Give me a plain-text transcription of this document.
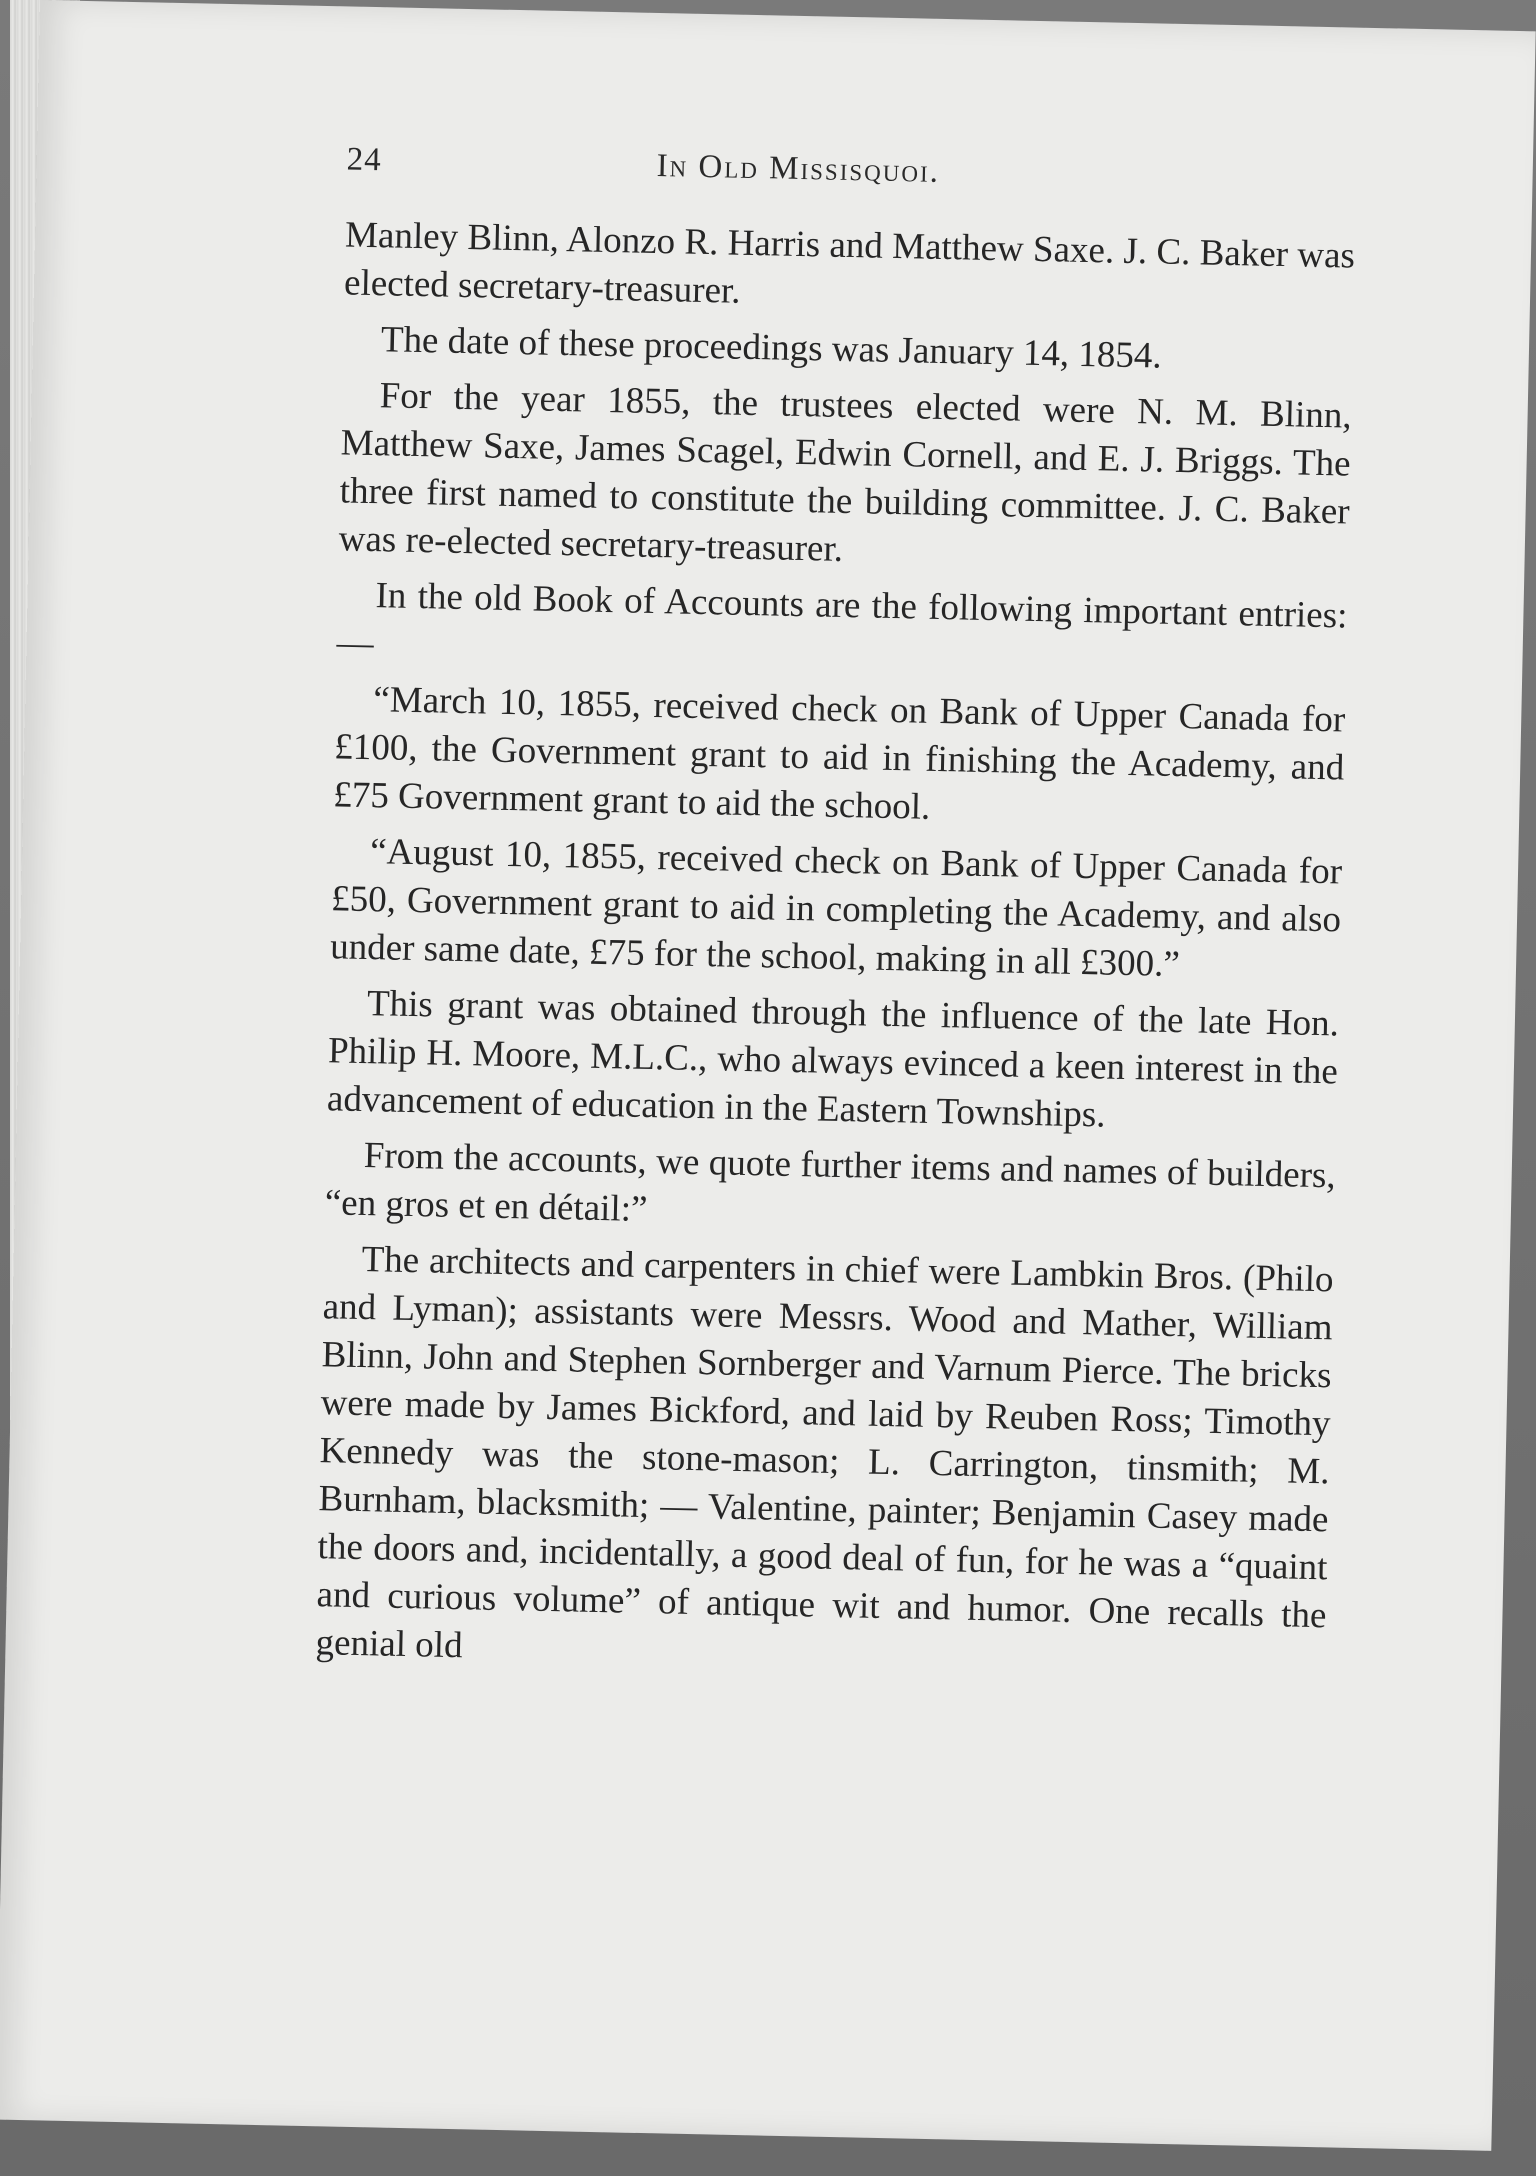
24	In Old Missisquoi.

Manley Blinn, Alonzo R. Harris and Matthew Saxe. J. C. Baker was elected secretary-treasurer.

The date of these proceedings was January 14, 1854.

For the year 1855, the trustees elected were N. M. Blinn, Matthew Saxe, James Scagel, Edwin Cornell, and E. J. Briggs. The three first named to constitute the building committee. J. C. Baker was re-elected secretary-treasurer.

In the old Book of Accounts are the following important entries:—

“March 10, 1855, received check on Bank of Upper Canada for £100, the Government grant to aid in finishing the Academy, and £75 Government grant to aid the school.

“August 10, 1855, received check on Bank of Upper Canada for £50, Government grant to aid in completing the Academy, and also under same date, £75 for the school, making in all £300.”

This grant was obtained through the influence of the late Hon. Philip H. Moore, M.L.C., who always evinced a keen interest in the advancement of education in the Eastern Townships.

From the accounts, we quote further items and names of builders, “en gros et en détail:”

The architects and carpenters in chief were Lambkin Bros. (Philo and Lyman); assistants were Messrs. Wood and Mather, William Blinn, John and Stephen Sornberger and Varnum Pierce. The bricks were made by James Bickford, and laid by Reuben Ross; Timothy Kennedy was the stone-mason; L. Carrington, tinsmith; M. Burnham, blacksmith; — Valentine, painter; Benjamin Casey made the doors and, incidentally, a good deal of fun, for he was a “quaint and curious volume” of antique wit and humor. One recalls the genial old
